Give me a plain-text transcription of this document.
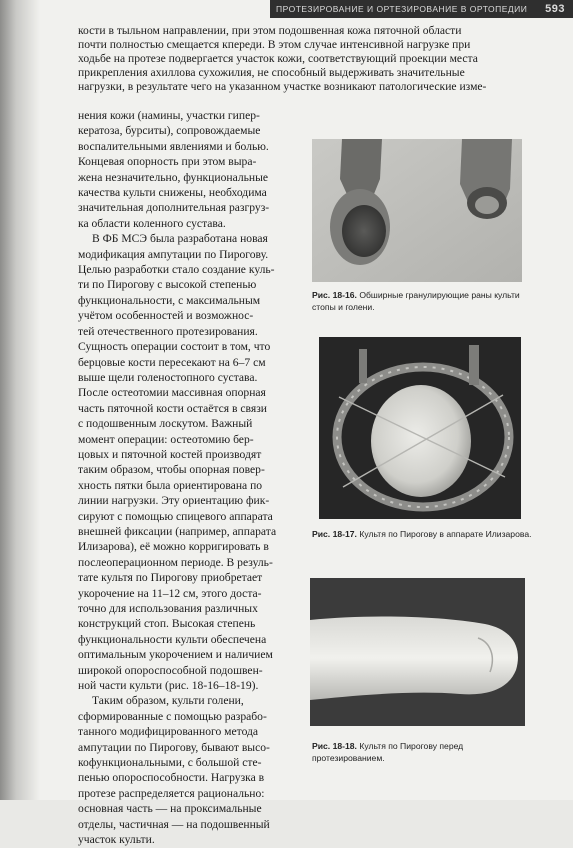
ПРОТЕЗИРОВАНИЕ И ОРТЕЗИРОВАНИЕ В ОРТОПЕДИИ 593
кости в тыльном направлении, при этом подошвенная кожа пяточной области
почти полностью смещается кпереди. В этом случае интенсивной нагрузке при
ходьбе на протезе подвергается участок кожи, соответствующий проекции места
прикрепления ахиллова сухожилия, не способный выдерживать значительные
нагрузки, в результате чего на указанном участке возникают патологические изме-

нения кожи (намины, участки гипер-
кератоза, бурситы), сопровождаемые
воспалительными явлениями и болью.
Концевая опорность при этом выра-
жена незначительно, функциональные
качества культи снижены, необходима
значительная дополнительная разгруз-
ка области коленного сустава.

В ФБ МСЭ была разработана новая
модификация ампутации по Пирогову.
Целью разработки стало создание куль-
ти по Пирогову с высокой степенью
функциональности, с максимальным
учётом особенностей и возможнос-
тей отечественного протезирования.
Сущность операции состоит в том, что
берцовые кости пересекают на 6–7 см
выше щели голеностопного сустава.
После остеотомии массивная опорная
часть пяточной кости остаётся в связи
с подошвенным лоскутом. Важный
момент операции: остеотомию бер-
цовых и пяточной костей производят
таким образом, чтобы опорная повер-
хность пятки была ориентирована по
линии нагрузки. Эту ориентацию фик-
сируют с помощью спицевого аппарата
внешней фиксации (например, аппарата
Илизарова), её можно корригировать в
послеоперационном периоде. В резуль-
тате культя по Пирогову приобретает
укорочение на 11–12 см, этого доста-
точно для использования различных
конструкций стоп. Высокая степень
функциональности культи обеспечена
оптимальным укорочением и наличием
широкой опороспособной подошвен-
ной части культи (рис. 18-16–18-19).

Таким образом, культи голени,
сформированные с помощью разрабо-
танного модифицированного метода
ампутации по Пирогову, бывают высо-
кофункциональными, с большой сте-
пенью опороспособности. Нагрузка в
протезе распределяется рационально:
основная часть — на проксимальные
отделы, частичная — на подошвенный
участок культи.

Рис. 18-16. Обширные гранулирующие раны культи стопы и голени.
Рис. 18-17. Культя по Пирогову в аппарате Илизарова.
Рис. 18-18. Культя по Пирогову перед протезированием.
